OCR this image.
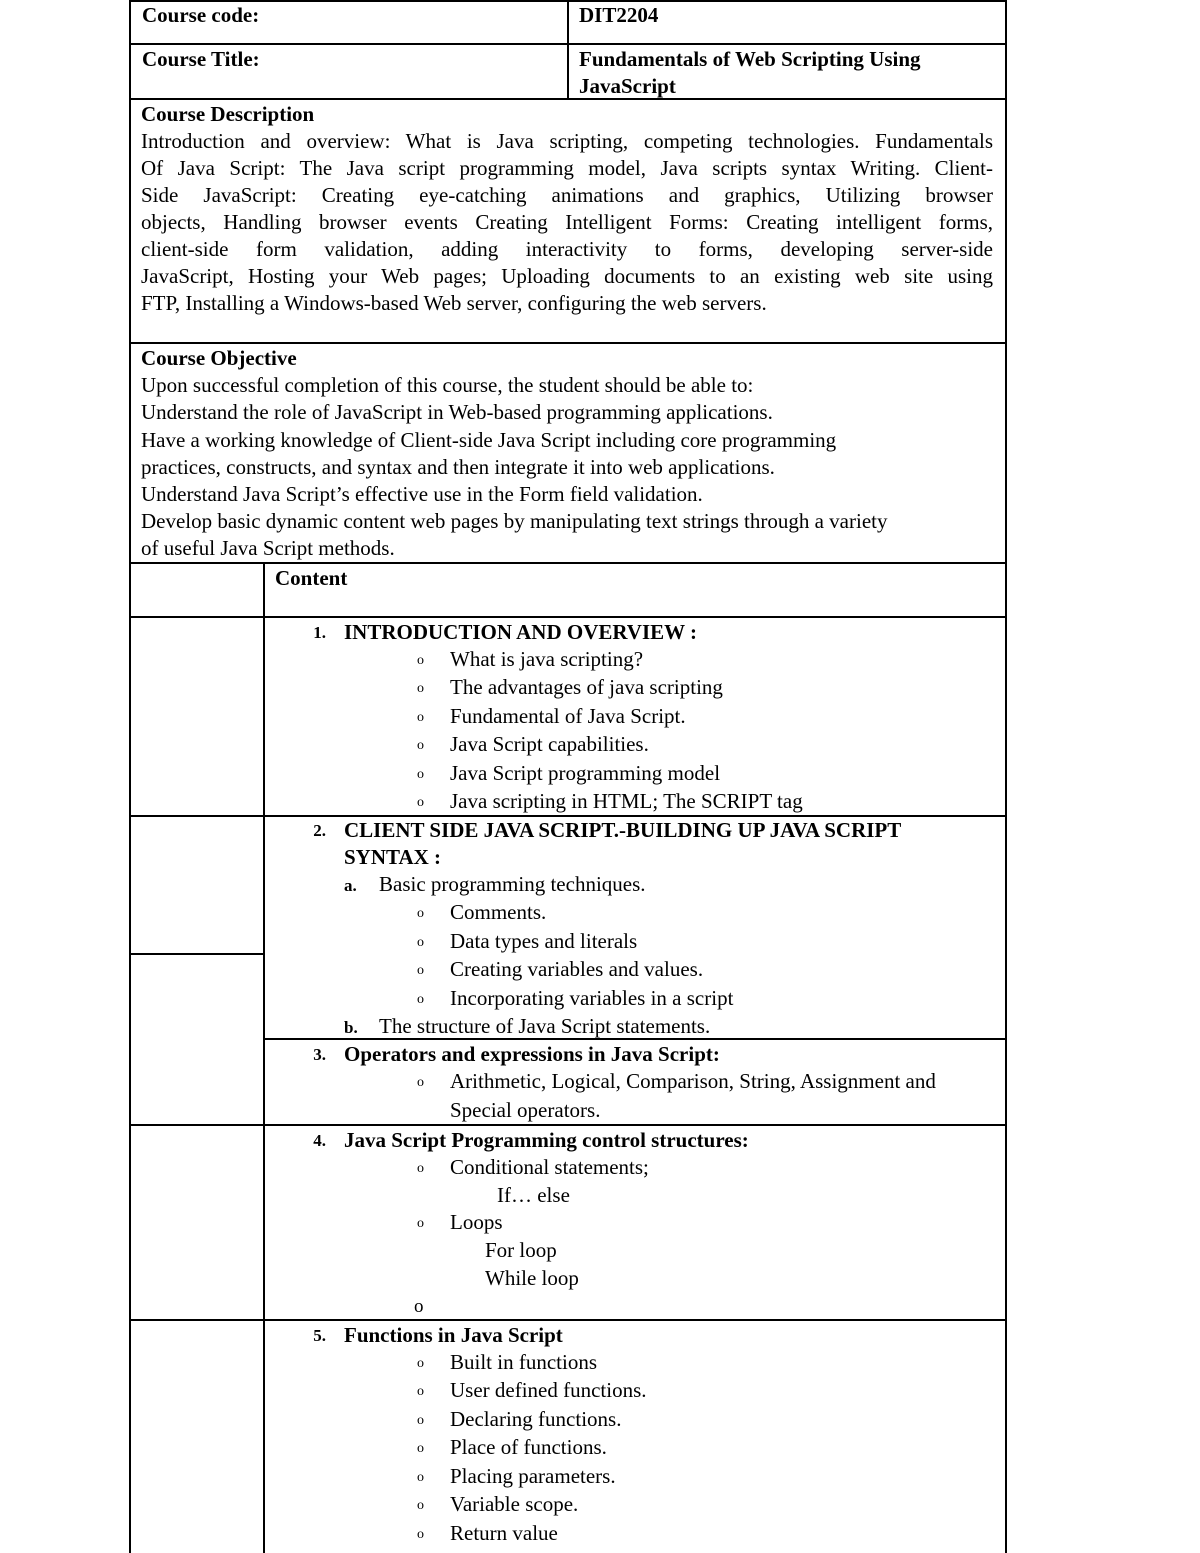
Course code:	DIT2204
Course Title:	Fundamentals of Web Scripting Using
JavaScript
Course Description
Introduction and overview: What is Java scripting, competing technologies. Fundamentals
Of Java Script: The Java script programming model, Java scripts syntax Writing. Client-
Side JavaScript: Creating eye-catching animations and graphics, Utilizing browser
objects, Handling browser events Creating Intelligent Forms: Creating intelligent forms,
client-side form validation, adding interactivity to forms, developing server-side
JavaScript, Hosting your Web pages; Uploading documents to an existing web site using
FTP, Installing a Windows-based Web server, configuring the web servers.
Course Objective
Upon successful completion of this course, the student should be able to:
Understand the role of JavaScript in Web-based programming applications.
Have a working knowledge of Client-side Java Script including core programming
practices, constructs, and syntax and then integrate it into web applications.
Understand Java Script’s effective use in the Form field validation.
Develop basic dynamic content web pages by manipulating text strings through a variety
of useful Java Script methods.
Content
1. INTRODUCTION AND OVERVIEW :
o What is java scripting?
o The advantages of java scripting
o Fundamental of Java Script.
o Java Script capabilities.
o Java Script programming model
o Java scripting in HTML; The SCRIPT tag
2. CLIENT SIDE JAVA SCRIPT.-BUILDING UP JAVA SCRIPT
SYNTAX :
a. Basic programming techniques.
o Comments.
o Data types and literals
o Creating variables and values.
o Incorporating variables in a script
b. The structure of Java Script statements.
3. Operators and expressions in Java Script:
o Arithmetic, Logical, Comparison, String, Assignment and
Special operators.
4. Java Script Programming control structures:
o Conditional statements;
If… else
o Loops
For loop
While loop
o
5. Functions in Java Script
o Built in functions
o User defined functions.
o Declaring functions.
o Place of functions.
o Placing parameters.
o Variable scope.
o Return value
